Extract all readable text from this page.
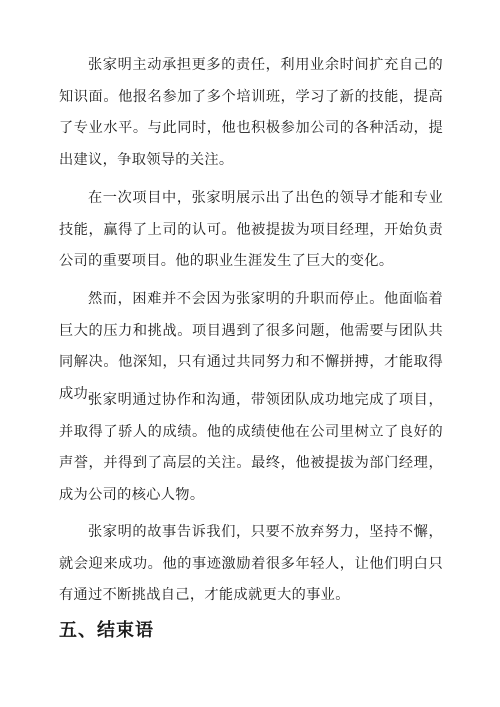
张家明主动承担更多的责任，利用业余时间扩充自己的知识面。他报名参加了多个培训班，学习了新的技能，提高了专业水平。与此同时，他也积极参加公司的各种活动，提出建议，争取领导的关注。

在一次项目中，张家明展示出了出色的领导才能和专业技能，赢得了上司的认可。他被提拔为项目经理，开始负责公司的重要项目。他的职业生涯发生了巨大的变化。

然而，困难并不会因为张家明的升职而停止。他面临着巨大的压力和挑战。项目遇到了很多问题，他需要与团队共同解决。他深知，只有通过共同努力和不懈拼搏，才能取得成功。

张家明通过协作和沟通，带领团队成功地完成了项目，并取得了骄人的成绩。他的成绩使他在公司里树立了良好的声誉，并得到了高层的关注。最终，他被提拔为部门经理，成为公司的核心人物。

张家明的故事告诉我们，只要不放弃努力，坚持不懈，就会迎来成功。他的事迹激励着很多年轻人，让他们明白只有通过不断挑战自己，才能成就更大的事业。

五、结束语
